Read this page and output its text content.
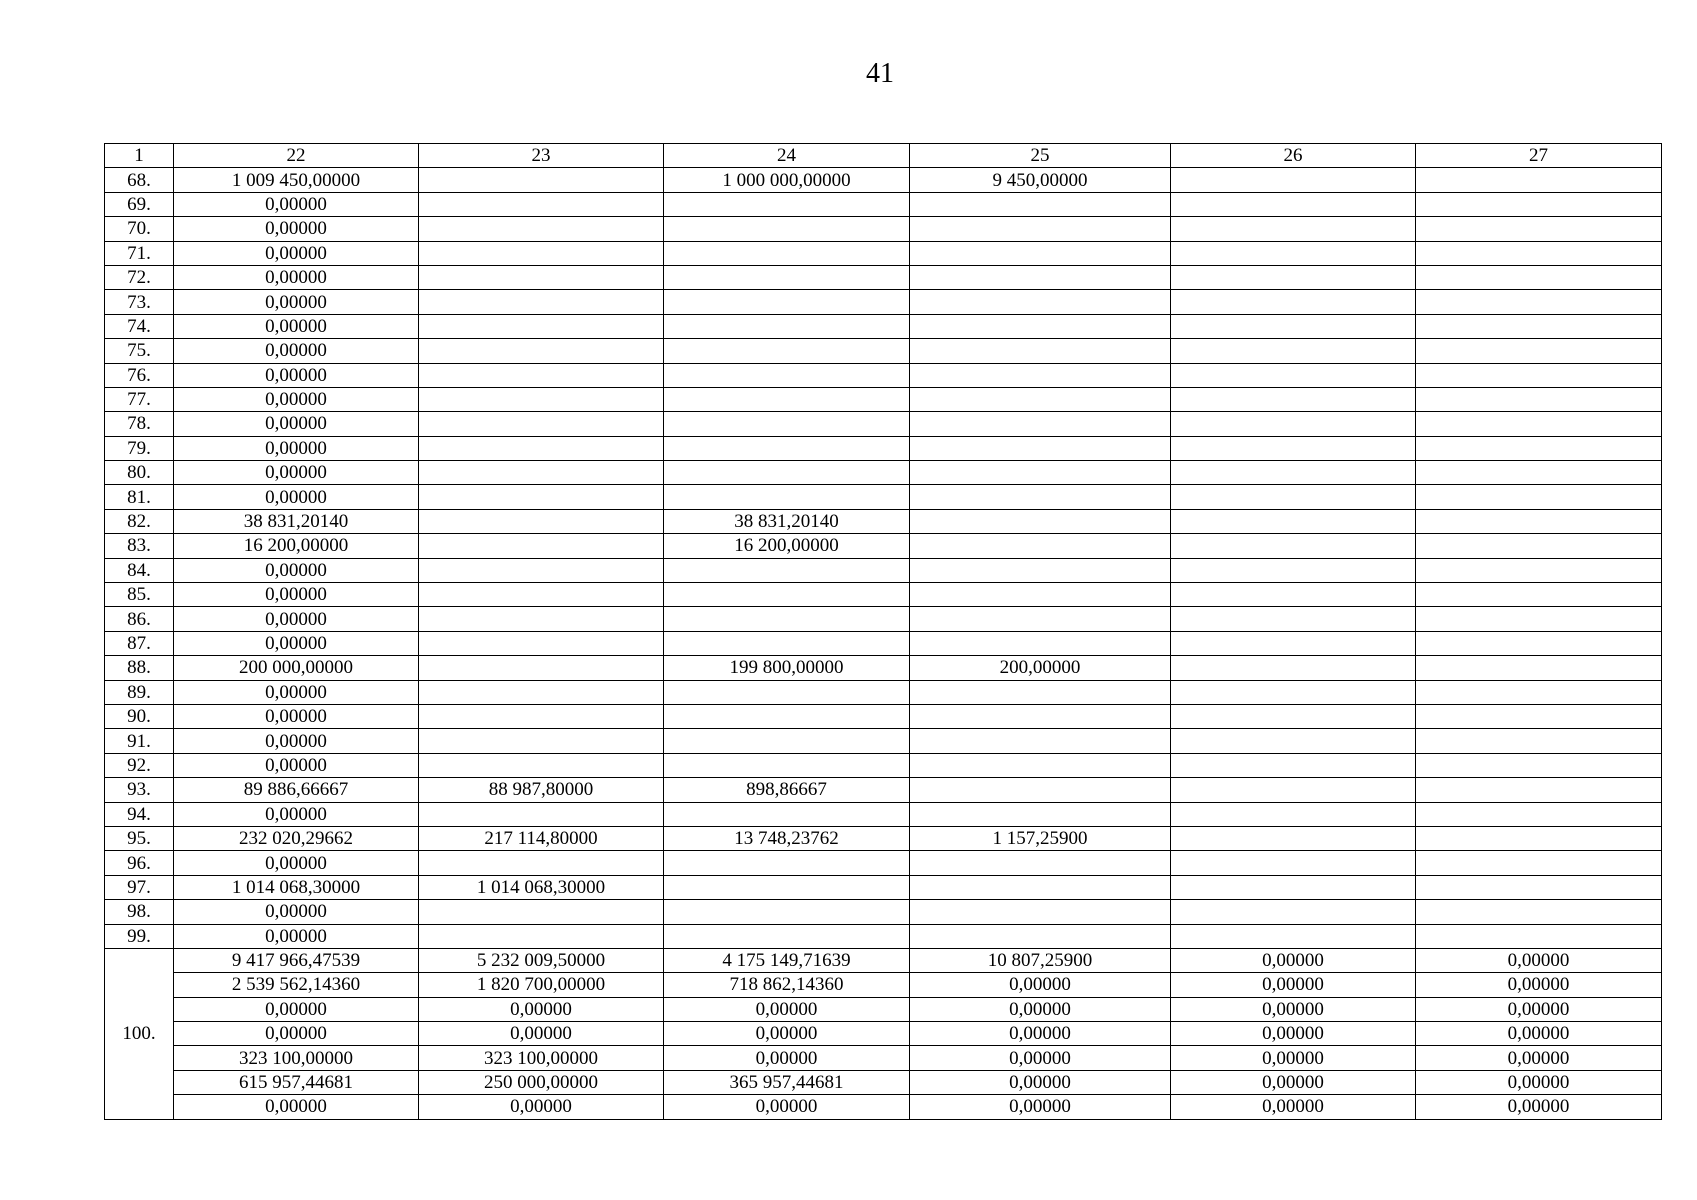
41
1	22	23	24	25	26	27
68.	1 009 450,00000		1 000 000,00000	9 450,00000		
69.	0,00000					
70.	0,00000					
71.	0,00000					
72.	0,00000					
73.	0,00000					
74.	0,00000					
75.	0,00000					
76.	0,00000					
77.	0,00000					
78.	0,00000					
79.	0,00000					
80.	0,00000					
81.	0,00000					
82.	38 831,20140		38 831,20140			
83.	16 200,00000		16 200,00000			
84.	0,00000					
85.	0,00000					
86.	0,00000					
87.	0,00000					
88.	200 000,00000		199 800,00000	200,00000		
89.	0,00000					
90.	0,00000					
91.	0,00000					
92.	0,00000					
93.	89 886,66667	88 987,80000	898,86667			
94.	0,00000					
95.	232 020,29662	217 114,80000	13 748,23762	1 157,25900		
96.	0,00000					
97.	1 014 068,30000	1 014 068,30000				
98.	0,00000					
99.	0,00000					
100.	9 417 966,47539	5 232 009,50000	4 175 149,71639	10 807,25900	0,00000	0,00000
	2 539 562,14360	1 820 700,00000	718 862,14360	0,00000	0,00000	0,00000
	0,00000	0,00000	0,00000	0,00000	0,00000	0,00000
	0,00000	0,00000	0,00000	0,00000	0,00000	0,00000
	323 100,00000	323 100,00000	0,00000	0,00000	0,00000	0,00000
	615 957,44681	250 000,00000	365 957,44681	0,00000	0,00000	0,00000
	0,00000	0,00000	0,00000	0,00000	0,00000	0,00000
